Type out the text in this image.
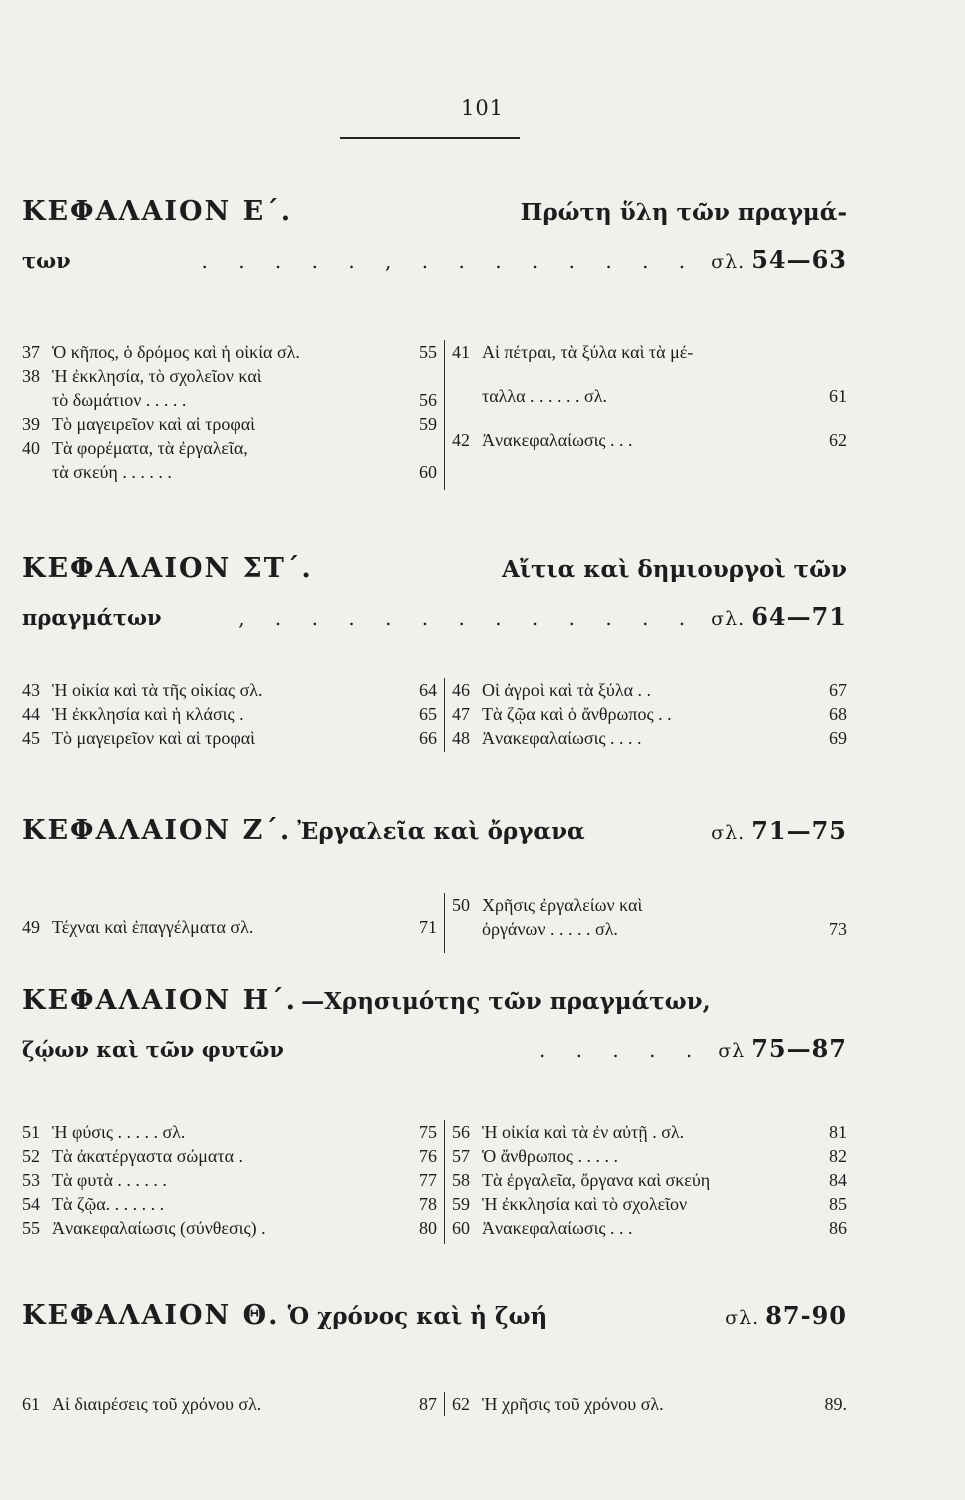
101
ΚΕΦΑΛΑΙΟΝ Ε΄.	Πρώτη ὕλη τῶν πραγμά-
των	. . . . . , . . . . . . . . σλ. 54—63
37 Ὁ κῆπος, ὁ δρόμος καὶ ἡ οἰκία σλ.	55
38 Ἡ ἐκκλησία, τὸ σχολεῖον καὶ
τὸ δωμάτιον . . . . .	56
39 Τὸ μαγειρεῖον καὶ αἱ τροφαὶ	59
40 Τὰ φορέματα, τὰ ἐργαλεῖα,
τὰ σκεύη . . . . . .	60
41 Αἱ πέτραι, τὰ ξύλα καὶ τὰ μέ-
ταλλα . . . . . . σλ.	61
42 Ἀνακεφαλαίωσις . . .	62
ΚΕΦΑΛΑΙΟΝ ΣΤ΄.	Αἴτια καὶ δημιουργοὶ τῶν
πραγμάτων	, . . . . . . . . . . . . σλ. 64—71
43 Ἡ οἰκία καὶ τὰ τῆς οἰκίας σλ.	64
44 Ἡ ἐκκλησία καὶ ἡ κλάσις .	65
45 Τὸ μαγειρεῖον καὶ αἱ τροφαὶ	66
46 Οἱ ἀγροὶ καὶ τὰ ξύλα . .	67
47 Τὰ ζῷα καὶ ὁ ἄνθρωπος . .	68
48 Ἀνακεφαλαίωσις . . . .	69
ΚΕΦΑΛΑΙΟΝ Ζ΄. Ἐργαλεῖα καὶ ὄργανα	σλ. 71—75
49 Τέχναι καὶ ἐπαγγέλματα σλ.	71
50 Χρῆσις ἐργαλείων καὶ
ὀργάνων . . . . . σλ.	73
ΚΕΦΑΛΑΙΟΝ Η΄. —Χρησιμότης τῶν πραγμάτων,
ζῴων καὶ τῶν φυτῶν	. . . . . σλ 75—87
51 Ἡ φύσις . . . . . σλ.	75
52 Τὰ ἀκατέργαστα σώματα .	76
53 Τὰ φυτὰ . . . . . .	77
54 Τὰ ζῷα. . . . . . .	78
55 Ἀνακεφαλαίωσις (σύνθεσις) .	80
56 Ἡ οἰκία καὶ τὰ ἐν αὐτῇ . σλ.	81
57 Ὁ ἄνθρωπος . . . . .	82
58 Τὰ ἐργαλεῖα, ὄργανα καὶ σκεύη	84
59 Ἡ ἐκκλησία καὶ τὸ σχολεῖον	85
60 Ἀνακεφαλαίωσις . . .	86
ΚΕΦΑΛΑΙΟΝ Θ. Ὁ χρόνος καὶ ἡ ζωή	σλ. 87-90
61 Αἱ διαιρέσεις τοῦ χρόνου σλ.	87 62 Ἡ χρῆσις τοῦ χρόνου σλ.	89.
